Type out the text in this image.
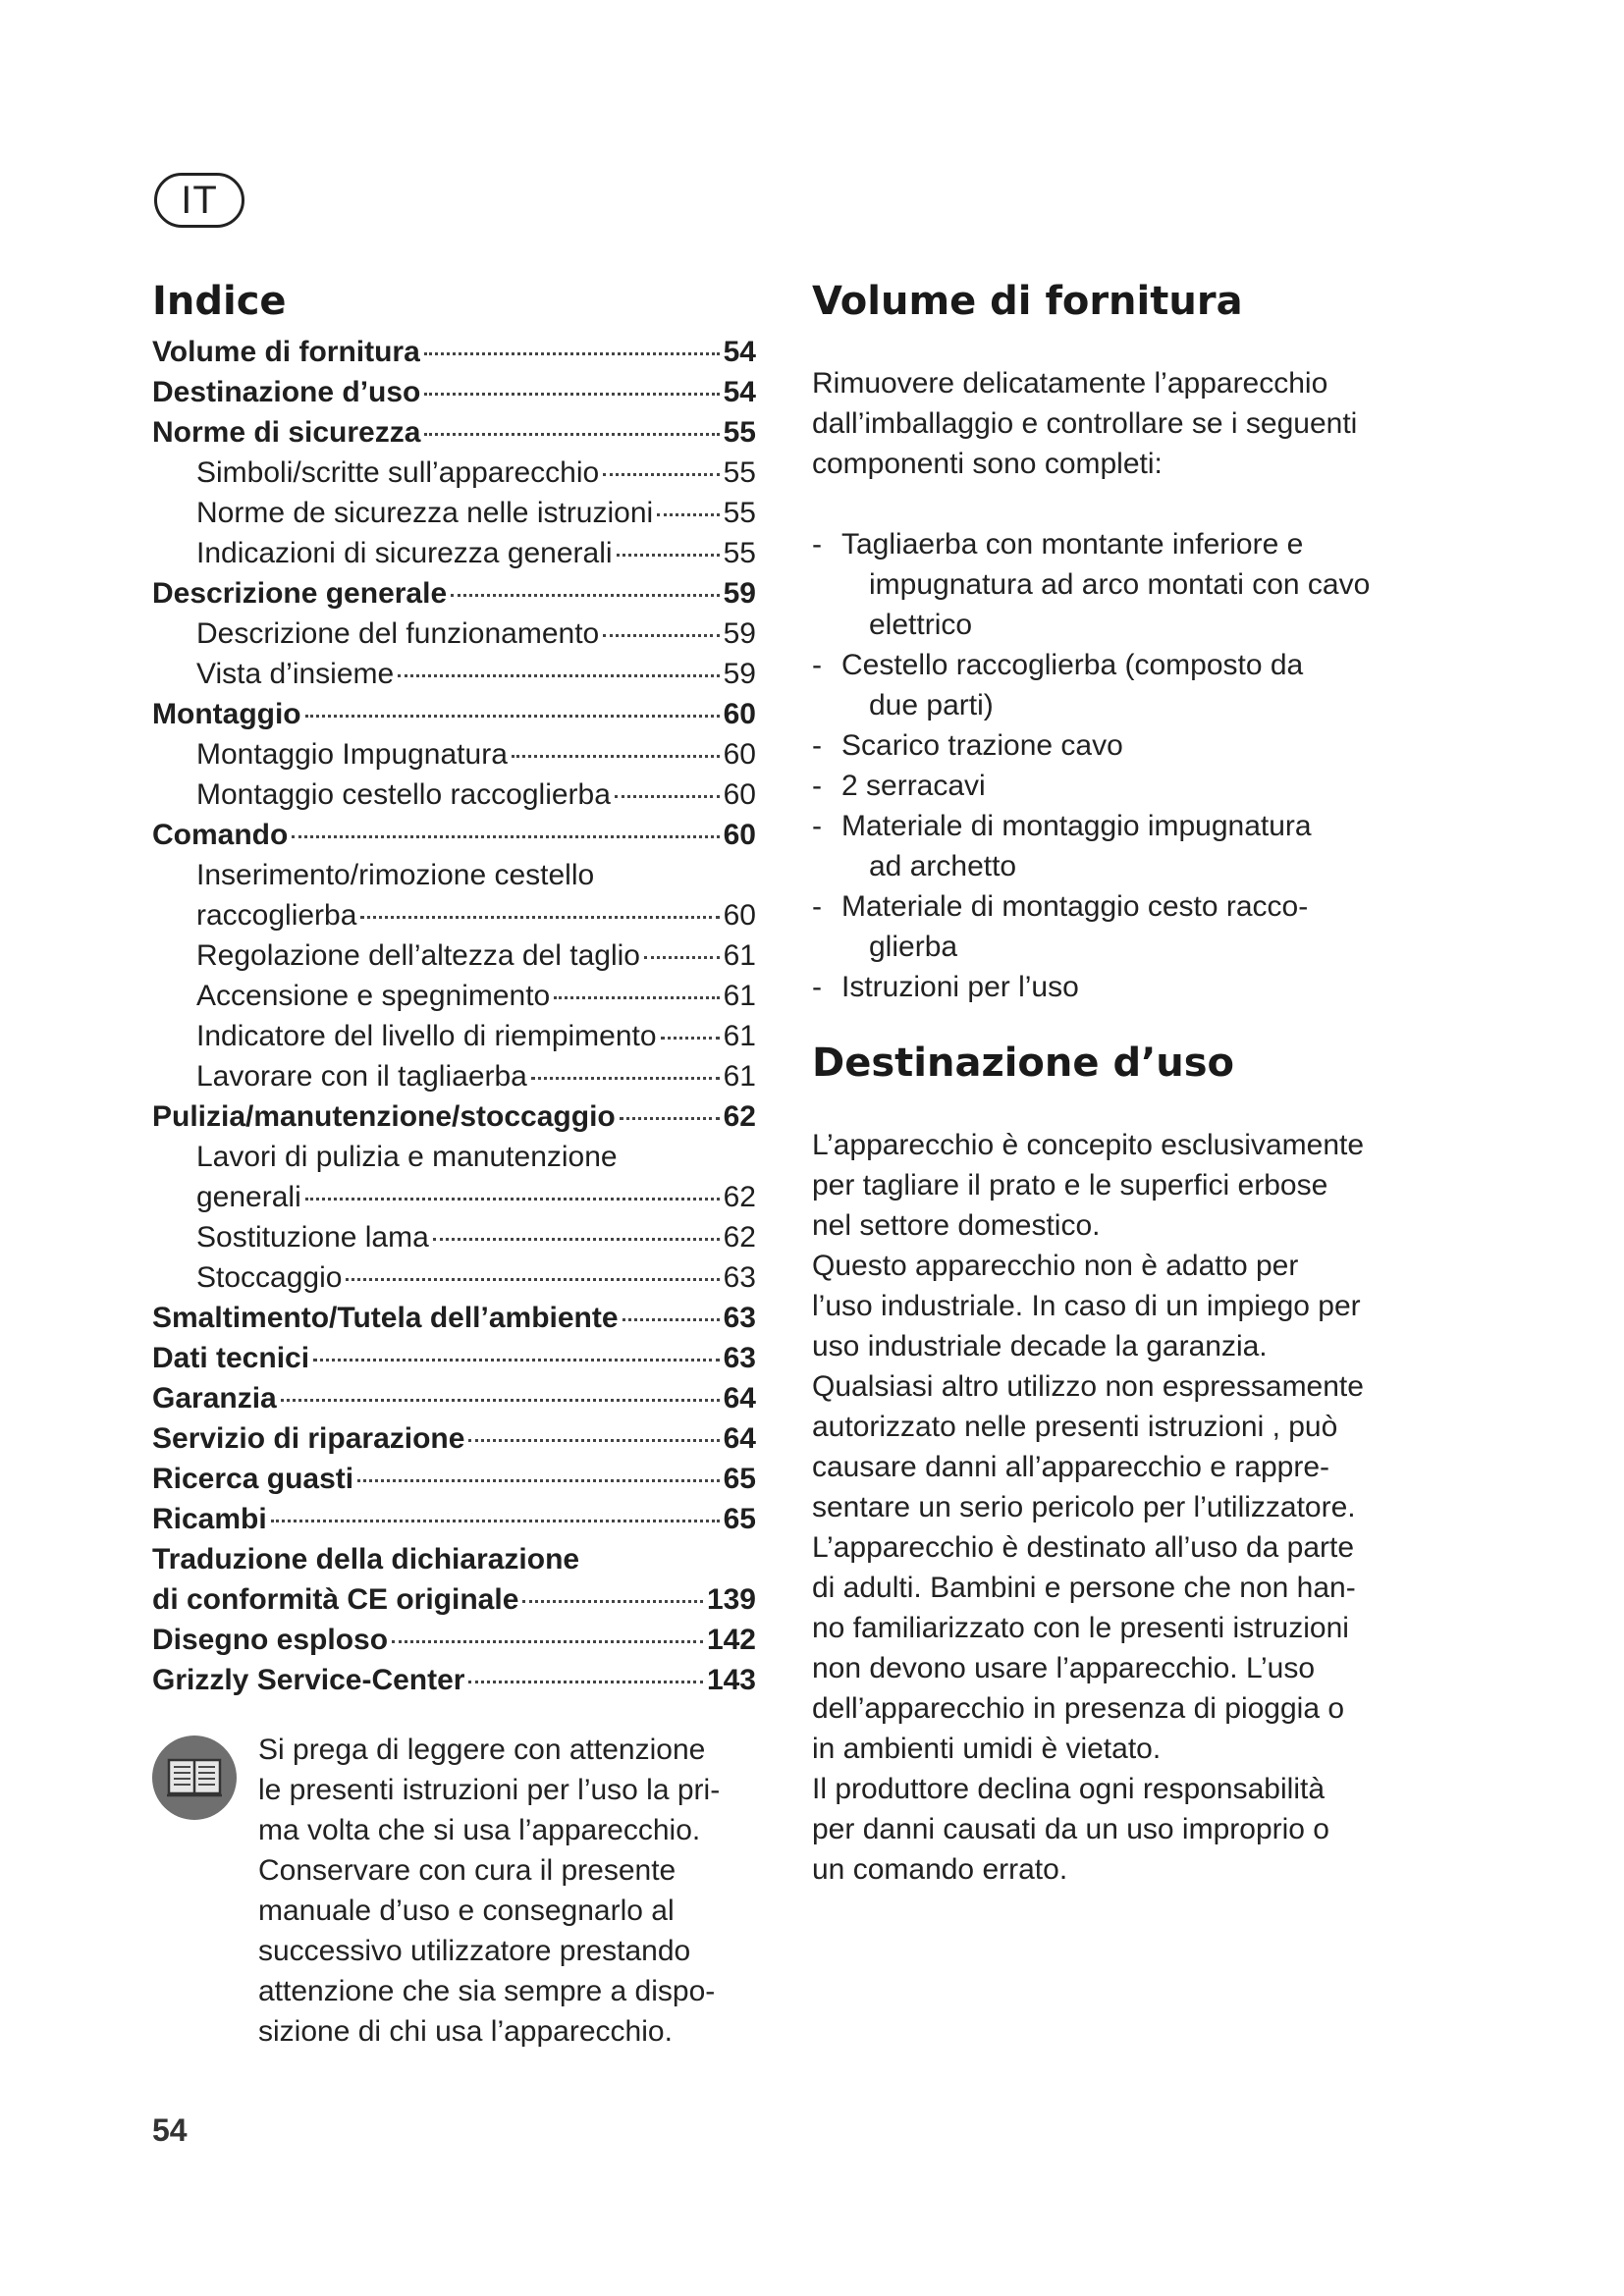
IT
Indice
Volume di fornitura	54
Destinazione d’uso	54
Norme di sicurezza	55
Simboli/scritte sull’apparecchio	55
Norme de sicurezza nelle istruzioni 55
Indicazioni di sicurezza generali	55
Descrizione generale	59
Descrizione del funzionamento	59
Vista d’insieme	59
Montaggio	60
Montaggio Impugnatura	60
Montaggio cestello raccoglierba	60
Comando	60
Inserimento/rimozione cestello
raccoglierba	60
Regolazione dell’altezza del taglio	61
Accensione e spegnimento	61
Indicatore del livello di riempimento 61
Lavorare con il tagliaerba	61
Pulizia/manutenzione/stoccaggio	62
Lavori di pulizia e manutenzione
generali	62
Sostituzione lama	62
Stoccaggio	63
Smaltimento/Tutela dell’ambiente	63
Dati tecnici	63
Garanzia	64
Servizio di riparazione	64
Ricerca guasti	65
Ricambi	65
Traduzione della dichiarazione
di conformità CE originale	139
Disegno esploso	142
Grizzly Service-Center	143
Si prega di leggere con attenzione
le presenti istruzioni per l’uso la pri-
ma volta che si usa l’apparecchio.
Conservare con cura il presente
manuale d’uso e consegnarlo al
successivo utilizzatore prestando
attenzione che sia sempre a dispo-
sizione di chi usa l’apparecchio.
Volume di fornitura
Rimuovere delicatamente l’apparecchio
dall’imballaggio e controllare se i seguenti
componenti sono completi:
- Tagliaerba con montante inferiore e
impugnatura ad arco montati con cavo
elettrico
- Cestello raccoglierba (composto da
due parti)
- Scarico trazione cavo
- 2 serracavi
- Materiale di montaggio impugnatura
ad archetto
- Materiale di montaggio cesto racco-
glierba
- Istruzioni per l’uso
Destinazione d’uso
L’apparecchio è concepito esclusivamente
per tagliare il prato e le superfici erbose
nel settore domestico.
Questo apparecchio non è adatto per
l’uso industriale. In caso di un impiego per
uso industriale decade la garanzia.
Qualsiasi altro utilizzo non espressamente
autorizzato nelle presenti istruzioni , può
causare danni all’apparecchio e rappre-
sentare un serio pericolo per l’utilizzatore.
L’apparecchio è destinato all’uso da parte
di adulti. Bambini e persone che non han-
no familiarizzato con le presenti istruzioni
non devono usare l’apparecchio. L’uso
dell’apparecchio in presenza di pioggia o
in ambienti umidi è vietato.
Il produttore declina ogni responsabilità
per danni causati da un uso improprio o
un comando errato.
54
